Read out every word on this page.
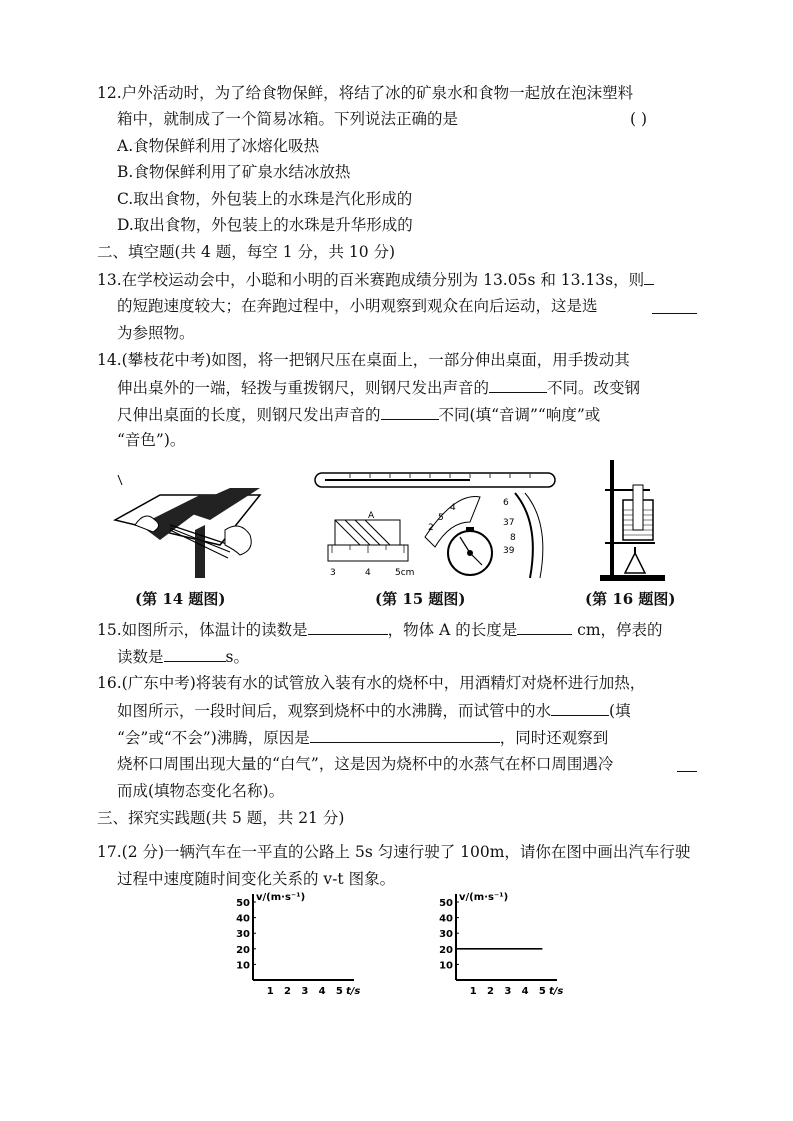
12.户外活动时，为了给食物保鲜，将结了冰的矿泉水和食物一起放在泡沫塑料
箱中，就制成了一个简易冰箱。下列说法正确的是	( )
A.食物保鲜利用了冰熔化吸热
B.食物保鲜利用了矿泉水结冰放热
C.取出食物，外包装上的水珠是汽化形成的
D.取出食物，外包装上的水珠是升华形成的
二、填空题(共 4 题，每空 1 分，共 10 分)
13.在学校运动会中，小聪和小明的百米赛跑成绩分别为 13.05s 和 13.13s，则
的短跑速度较大；在奔跑过程中，小明观察到观众在向后运动，这是选
为参照物。
14.(攀枝花中考)如图，将一把钢尺压在桌面上，一部分伸出桌面，用手拨动其
伸出桌外的一端，轻拨与重拨钢尺，则钢尺发出声音的	不同。改变钢
尺伸出桌面的长度，则钢尺发出声音的	不同(填“音调”“响度”或
“音色”)。
(第 14 题图)
A
3	4	5cm
4
5
2
6
37
8
39
(第 15 题图)	(第 16 题图)
15.如图所示，体温计的读数是	，物体 A 的长度是	cm，停表的
读数是	s。
16.(广东中考)将装有水的试管放入装有水的烧杯中，用酒精灯对烧杯进行加热，
如图所示，一段时间后，观察到烧杯中的水沸腾，而试管中的水	(填
“会”或“不会”)沸腾，原因是	，同时还观察到
烧杯口周围出现大量的“白气”，这是因为烧杯中的水蒸气在杯口周围遇冷
而成(填物态变化名称)。
三、探究实践题(共 5 题，共 21 分)
17.(2 分)一辆汽车在一平直的公路上 5s 匀速行驶了 100m，请你在图中画出汽车行驶
过程中速度随时间变化关系的 v-t 图象。
v/(m·s⁻¹)
t/s
10
20
30
40
50
1 2 3 4 5
v/(m·s⁻¹)
t/s
10
20
30
40
50
1 2 3 4 5
